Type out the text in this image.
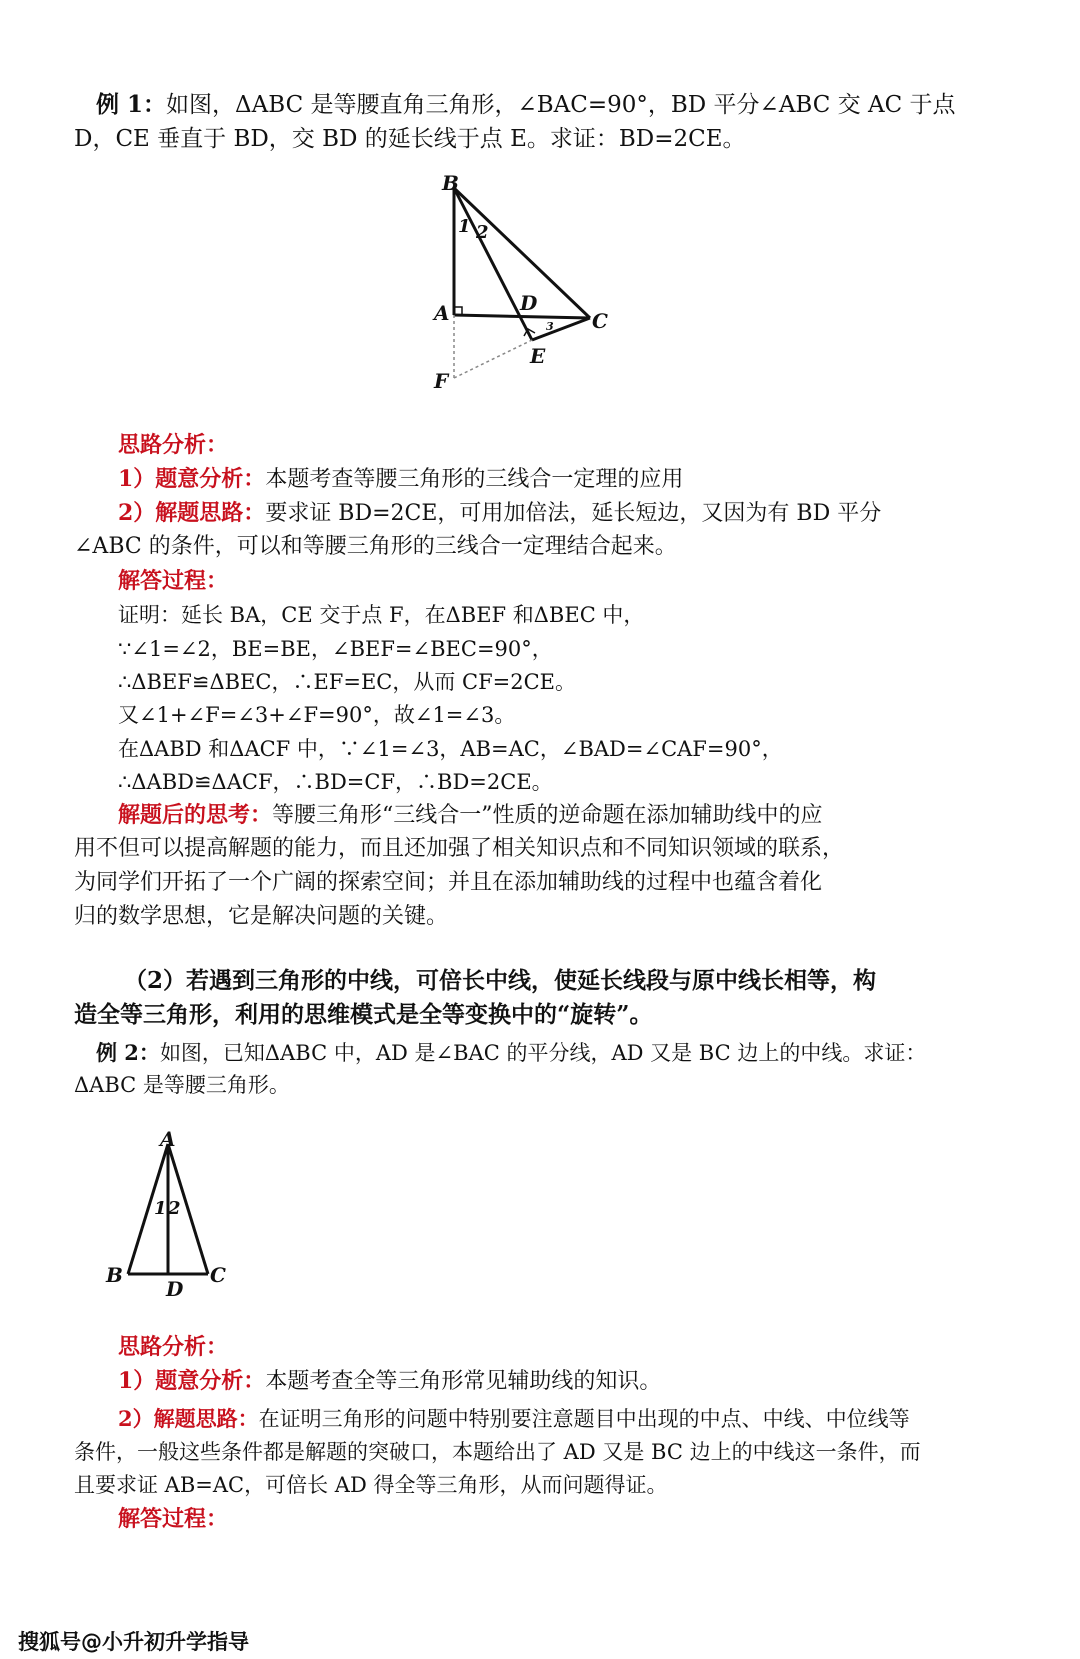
例 1：如图，ΔABC 是等腰直角三角形，∠BAC=90°，BD 平分∠ABC 交 AC 于点
D，CE 垂直于 BD，交 BD 的延长线于点 E。求证：BD=2CE。
B
A	D
C
E
F
1 2
3
思路分析：
1）题意分析：本题考查等腰三角形的三线合一定理的应用
2）解题思路：要求证 BD=2CE，可用加倍法，延长短边，又因为有 BD 平分
∠ABC 的条件，可以和等腰三角形的三线合一定理结合起来。
解答过程：
证明：延长 BA，CE 交于点 F，在ΔBEF 和ΔBEC 中，
∵∠1=∠2，BE=BE，∠BEF=∠BEC=90°，
∴ΔBEF≌ΔBEC，∴EF=EC，从而 CF=2CE。
又∠1+∠F=∠3+∠F=90°，故∠1=∠3。
在ΔABD 和ΔACF 中，∵∠1=∠3，AB=AC，∠BAD=∠CAF=90°，
∴ΔABD≌ΔACF，∴BD=CF，∴BD=2CE。
解题后的思考：等腰三角形“三线合一”性质的逆命题在添加辅助线中的应
用不但可以提高解题的能力，而且还加强了相关知识点和不同知识领域的联系，
为同学们开拓了一个广阔的探索空间；并且在添加辅助线的过程中也蕴含着化
归的数学思想，它是解决问题的关键。
（2）若遇到三角形的中线，可倍长中线，使延长线段与原中线长相等，构
造全等三角形，利用的思维模式是全等变换中的“旋转”。
例 2：如图，已知ΔABC 中，AD 是∠BAC 的平分线，AD 又是 BC 边上的中线。求证：
ΔABC 是等腰三角形。
A
B
D
C
1 2
思路分析：
1）题意分析：本题考查全等三角形常见辅助线的知识。
2）解题思路：在证明三角形的问题中特别要注意题目中出现的中点、中线、中位线等
条件，一般这些条件都是解题的突破口，本题给出了 AD 又是 BC 边上的中线这一条件，而
且要求证 AB=AC，可倍长 AD 得全等三角形，从而问题得证。
解答过程：
搜狐号@小升初升学指导
